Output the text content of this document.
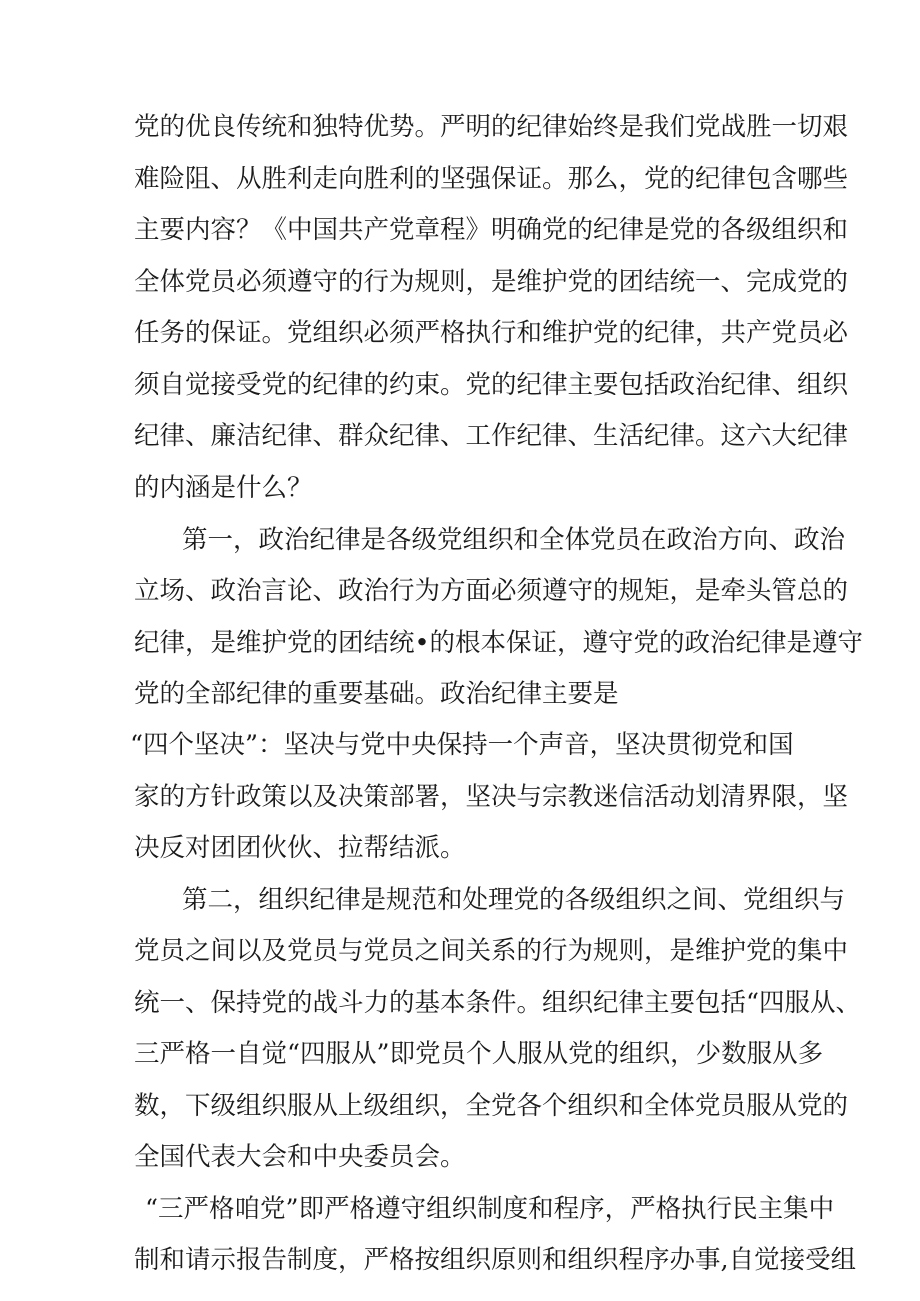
党的优良传统和独特优势。严明的纪律始终是我们党战胜一切艰
难险阻、从胜利走向胜利的坚强保证。那么，党的纪律包含哪些
主要内容？《中国共产党章程》明确党的纪律是党的各级组织和
全体党员必须遵守的行为规则，是维护党的团结统一、完成党的
任务的保证。党组织必须严格执行和维护党的纪律，共产党员必
须自觉接受党的纪律的约束。党的纪律主要包括政治纪律、组织
纪律、廉洁纪律、群众纪律、工作纪律、生活纪律。这六大纪律
的内涵是什么？
第一，政治纪律是各级党组织和全体党员在政治方向、政治
立场、政治言论、政治行为方面必须遵守的规矩，是牵头管总的
纪律，是维护党的团结统•的根本保证，遵守党的政治纪律是遵守
党的全部纪律的重要基础。政治纪律主要是
“四个坚决”：坚决与党中央保持一个声音，坚决贯彻党和国
家的方针政策以及决策部署，坚决与宗教迷信活动划清界限，坚
决反对团团伙伙、拉帮结派。
第二，组织纪律是规范和处理党的各级组织之间、党组织与
党员之间以及党员与党员之间关系的行为规则，是维护党的集中
统一、保持党的战斗力的基本条件。组织纪律主要包括“四服从、
三严格一自觉“四服从”即党员个人服从党的组织，少数服从多
数，下级组织服从上级组织，全党各个组织和全体党员服从党的
全国代表大会和中央委员会。
“三严格咱党”即严格遵守组织制度和程序，严格执行民主集中
制和请示报告制度，严格按组织原则和组织程序办事,自觉接受组
